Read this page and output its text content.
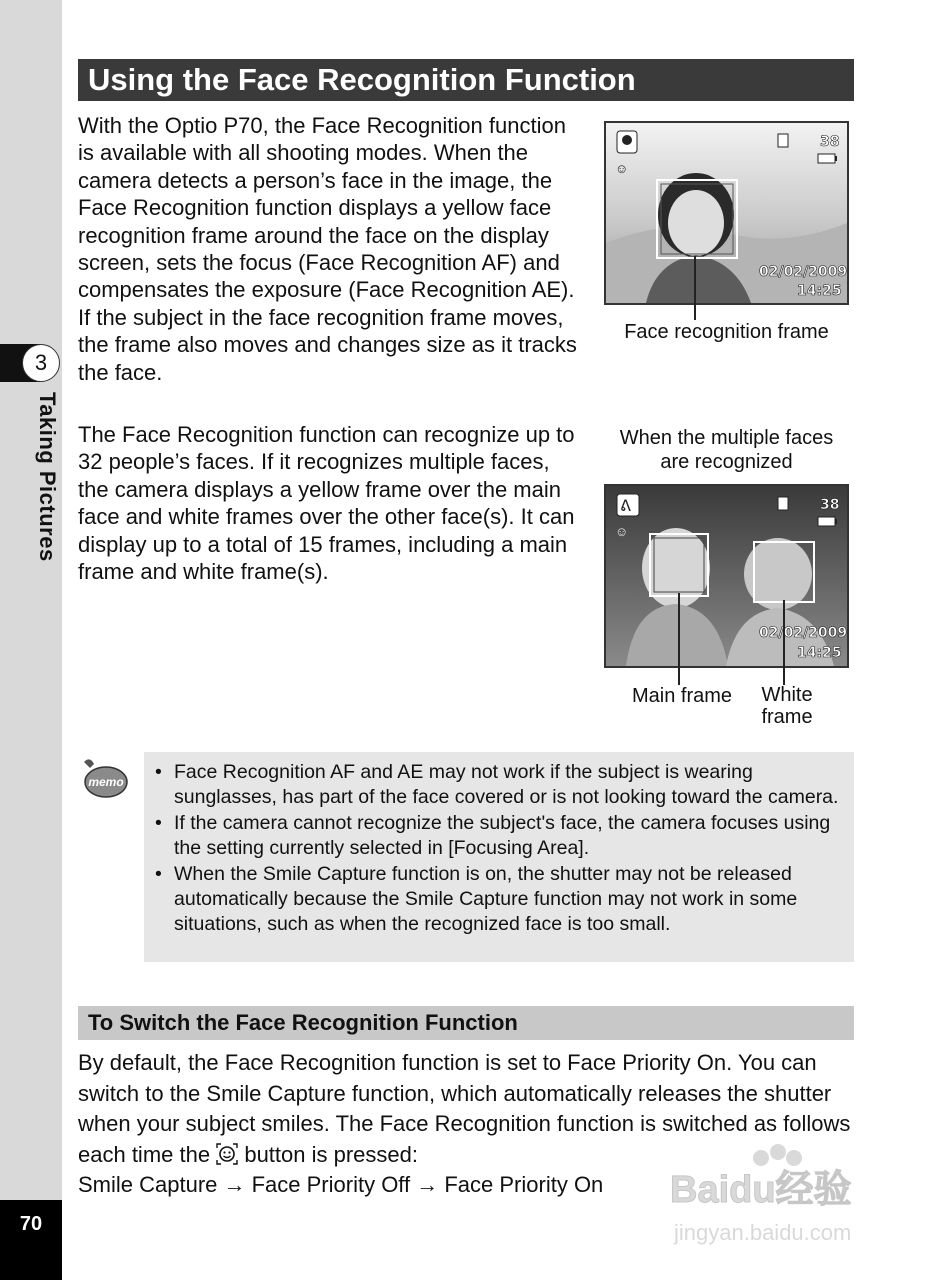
3
Taking Pictures
70
Using the Face Recognition Function

With the Optio P70, the Face Recognition function is available with all shooting modes. When the camera detects a person’s face in the image, the Face Recognition function displays a yellow face recognition frame around the face on the display screen, sets the focus (Face Recognition AF) and compensates the exposure (Face Recognition AE). If the subject in the face recognition frame moves, the frame also moves and changes size as it tracks the face.

The Face Recognition function can recognize up to 32 people’s faces. If it recognizes multiple faces, the camera displays a yellow frame over the main face and white frames over the other face(s). It can display up to a total of 15 frames, including a main frame and white frame(s).

☺
38
02/02/2009
14:25
Face recognition frame
When the multiple faces are recognized
ᕕ
☺
38
02/02/2009
14:25
Main frame	White frame
memo
•	Face Recognition AF and AE may not work if the subject is wearing sunglasses, has part of the face covered or is not looking toward the camera.
• If the camera cannot recognize the subject's face, the camera focuses using the setting currently selected in [Focusing Area].
• When the Smile Capture function is on, the shutter may not be released automatically because the Smile Capture function may not work in some situations, such as when the recognized face is too small.
To Switch the Face Recognition Function
By default, the Face Recognition function is set to Face Priority On. You can switch to the Smile Capture function, which automatically releases the shutter when your subject smiles. The Face Recognition function is switched as follows each time the button is pressed:
Smile Capture → Face Priority Off → Face Priority On	Baidu经验
jingyan.baidu.com
